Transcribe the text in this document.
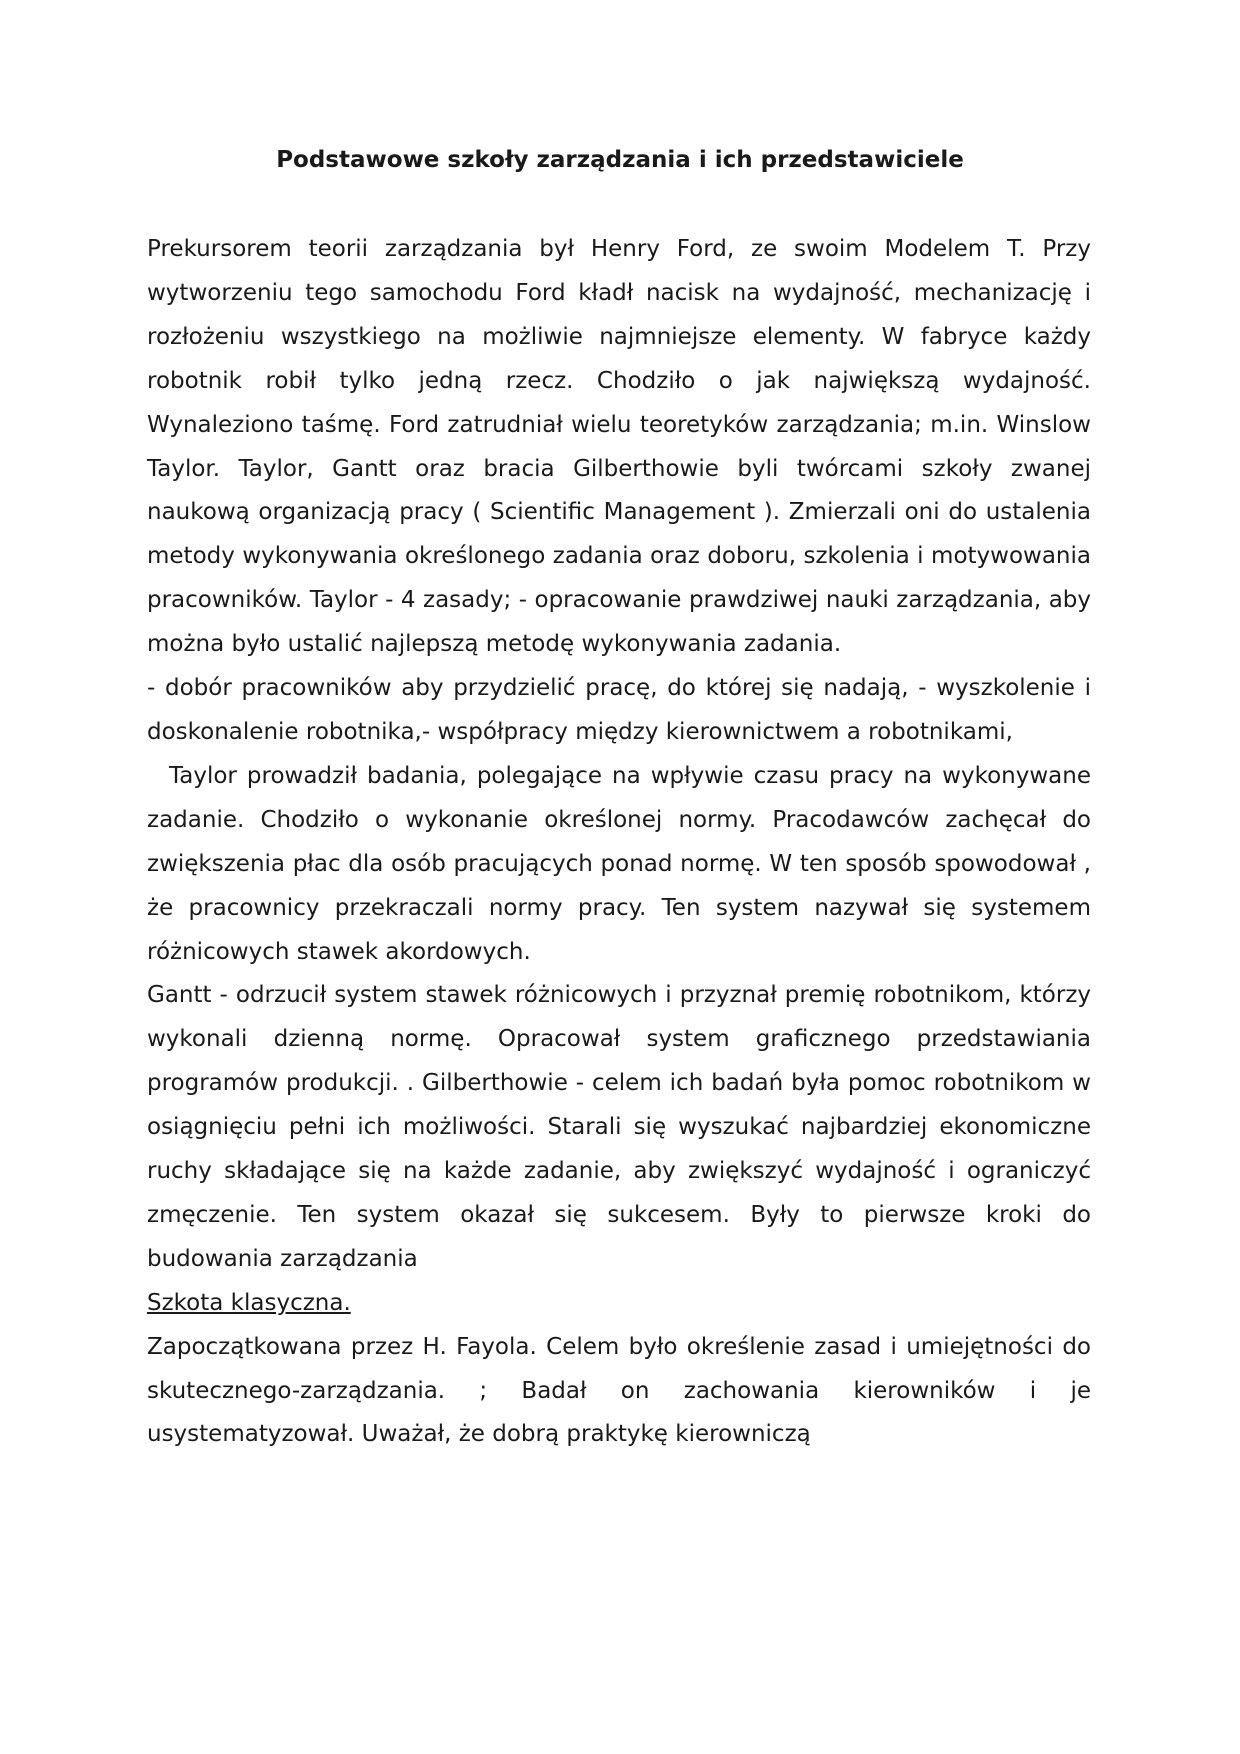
Podstawowe szkoły zarządzania i ich przedstawiciele

Prekursorem teorii zarządzania był Henry Ford, ze swoim Modelem T. Przy wytworzeniu tego samochodu Ford kładł nacisk na wydajność, mechanizację i rozłożeniu wszystkiego na możliwie najmniejsze elementy. W fabryce każdy robotnik robił tylko jedną rzecz. Chodziło o jak największą wydajność. Wynaleziono taśmę. Ford zatrudniał wielu teoretyków zarządzania; m.in. Winslow Taylor. Taylor, Gantt oraz bracia Gilberthowie byli twórcami szkoły zwanej naukową organizacją pracy ( Scientific Management ). Zmierzali oni do ustalenia metody wykonywania określonego zadania oraz doboru, szkolenia i motywowania pracowników. Taylor - 4 zasady; - opracowanie prawdziwej nauki zarządzania, aby można było ustalić najlepszą metodę wykonywania zadania.

- dobór pracowników aby przydzielić pracę, do której się nadają, - wyszkolenie i doskonalenie robotnika,- współpracy między kierownictwem a robotnikami,

Taylor prowadził badania, polegające na wpływie czasu pracy na wykonywane zadanie. Chodziło o wykonanie określonej normy. Pracodawców zachęcał do zwiększenia płac dla osób pracujących ponad normę. W ten sposób spowodował , że pracownicy przekraczali normy pracy. Ten system nazywał się systemem różnicowych stawek akordowych.

Gantt - odrzucił system stawek różnicowych i przyznał premię robotnikom, którzy wykonali dzienną normę. Opracował system graficznego przedstawiania programów produkcji. . Gilberthowie - celem ich badań była pomoc robotnikom w osiągnięciu pełni ich możliwości. Starali się wyszukać najbardziej ekonomiczne ruchy składające się na każde zadanie, aby zwiększyć wydajność i ograniczyć zmęczenie. Ten system okazał się sukcesem. Były to pierwsze kroki do budowania zarządzania

Szkota klasyczna.

Zapoczątkowana przez H. Fayola. Celem było określenie zasad i umiejętności do skutecznego-zarządzania. ; Badał on zachowania kierowników i je usystematyzował. Uważał, że dobrą praktykę kierowniczą
